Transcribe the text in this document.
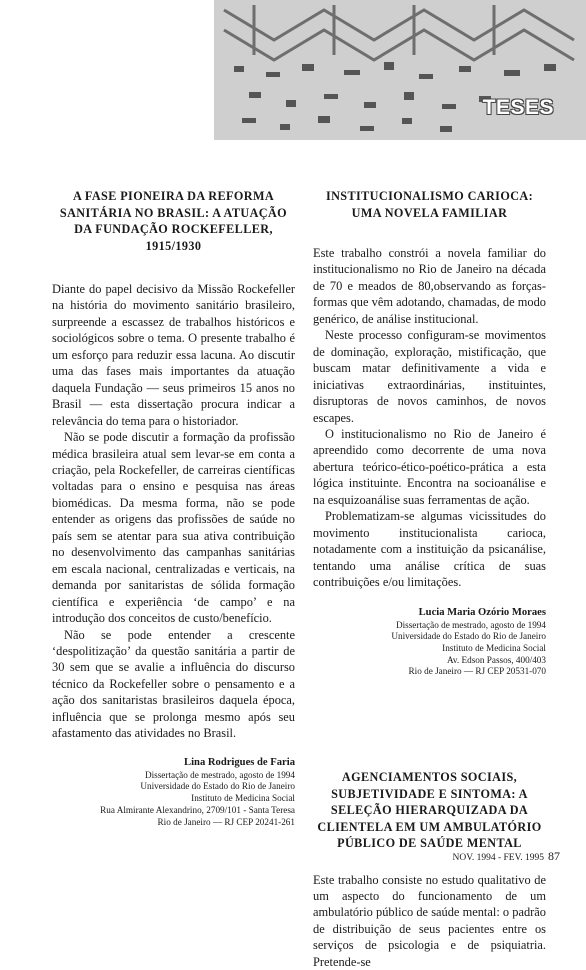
TESES
A FASE PIONEIRA DA REFORMA SANITÁRIA NO BRASIL: A ATUAÇÃO DA FUNDAÇÃO ROCKEFELLER, 1915/1930

Diante do papel decisivo da Missão Rockefeller na história do movimento sanitário brasileiro, surpreende a escassez de trabalhos históricos e sociológicos sobre o tema. O presente trabalho é um esforço para reduzir essa lacuna. Ao discutir uma das fases mais importantes da atuação daquela Fundação — seus primeiros 15 anos no Brasil — esta dissertação procura indicar a relevância do tema para o historiador.

Não se pode discutir a formação da profissão médica brasileira atual sem levar-se em conta a criação, pela Rockefeller, de carreiras científicas voltadas para o ensino e pesquisa nas áreas biomédicas. Da mesma forma, não se pode entender as origens das profissões de saúde no país sem se atentar para sua ativa contribuição no desenvolvimento das campanhas sanitárias em escala nacional, centralizadas e verticais, na demanda por sanitaristas de sólida formação científica e experiência ‘de campo’ e na introdução dos conceitos de custo/benefício.

Não se pode entender a crescente ‘despolitização’ da questão sanitária a partir de 30 sem que se avalie a influência do discurso técnico da Rockefeller sobre o pensamento e a ação dos sanitaristas brasileiros daquela época, influência que se prolonga mesmo após seu afastamento das atividades no Brasil.

Lina Rodrigues de Faria
Dissertação de mestrado, agosto de 1994
Universidade do Estado do Rio de Janeiro
Instituto de Medicina Social
Rua Almirante Alexandrino, 2709/101 - Santa Teresa
Rio de Janeiro — RJ CEP 20241-261
INSTITUCIONALISMO CARIOCA: UMA NOVELA FAMILIAR

Este trabalho constrói a novela familiar do institucionalismo no Rio de Janeiro na década de 70 e meados de 80,observando as forças-formas que vêm adotando, chamadas, de modo genérico, de análise institucional.

Neste processo configuram-se movimentos de dominação, exploração, mistificação, que buscam matar definitivamente a vida e iniciativas extraordinárias, instituintes, disruptoras de novos caminhos, de novos escapes.

O institucionalismo no Rio de Janeiro é apreendido como decorrente de uma nova abertura teórico-ético-poético-prática a esta lógica instituinte. Encontra na socioanálise e na esquizoanálise suas ferramentas de ação.

Problematizam-se algumas vicissitudes do movimento institucionalista carioca, notadamente com a instituição da psicanálise, tentando uma análise crítica de suas contribuições e/ou limitações.

Lucia Maria Ozório Moraes
Dissertação de mestrado, agosto de 1994
Universidade do Estado do Rio de Janeiro
Instituto de Medicina Social
Av. Edson Passos, 400/403
Rio de Janeiro — RJ CEP 20531-070
AGENCIAMENTOS SOCIAIS, SUBJETIVIDADE E SINTOMA: A SELEÇÃO HIERARQUIZADA DA CLIENTELA EM UM AMBULATÓRIO PÚBLICO DE SAÚDE MENTAL

Este trabalho consiste no estudo qualitativo de um aspecto do funcionamento de um ambulatório público de saúde mental: o padrão de distribuição de seus pacientes entre os serviços de psicologia e de psiquiatria. Pretende-se

NOV. 1994 - FEV. 1995 87
